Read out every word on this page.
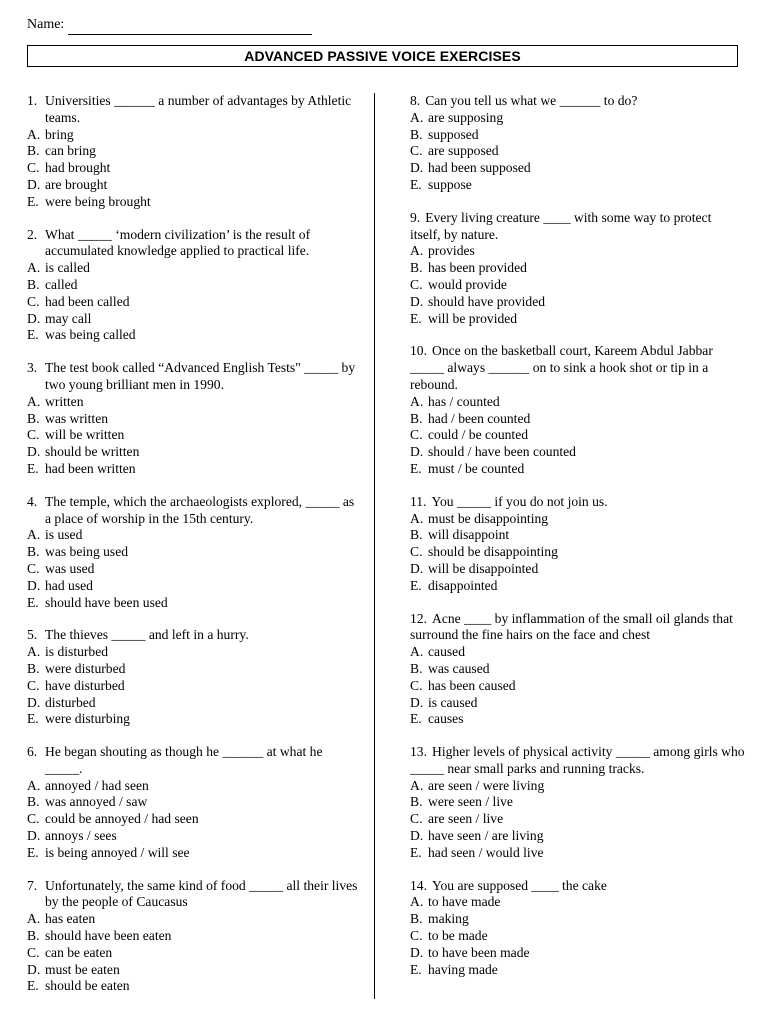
Name:
ADVANCED PASSIVE VOICE EXERCISES
1. Universities ______ a number of advantages by Athletic teams.
A. bring
B. can bring
C. had brought
D. are brought
E. were being brought
2. What _____ ‘modern civilization’ is the result of accumulated knowledge applied to practical life.
A. is called
B. called
C. had been called
D. may call
E. was being called
3. The test book called “Advanced English Tests" _____ by two young brilliant men in 1990.
A. written
B. was written
C. will be written
D. should be written
E. had been written
4. The temple, which the archaeologists explored, _____ as a place of worship in the 15th century.
A. is used
B. was being used
C. was used
D. had used
E. should have been used
5. The thieves _____ and left in a hurry.
A. is disturbed
B. were disturbed
C. have disturbed
D. disturbed
E. were disturbing
6. He began shouting as though he ______ at what he _____.
A. annoyed / had seen
B. was annoyed / saw
C. could be annoyed / had seen
D. annoys / sees
E. is being annoyed / will see
7. Unfortunately, the same kind of food _____ all their lives by the people of Caucasus
A. has eaten
B. should have been eaten
C. can be eaten
D. must be eaten
E. should be eaten
8. Can you tell us what we ______ to do?
A. are supposing
B. supposed
C. are supposed
D. had been supposed
E. suppose
9. Every living creature ____ with some way to protect itself, by nature.
A. provides
B. has been provided
C. would provide
D. should have provided
E. will be provided
10. Once on the basketball court, Kareem Abdul Jabbar _____ always ______ on to sink a hook shot or tip in a rebound.
A. has / counted
B. had / been counted
C. could / be counted
D. should / have been counted
E. must / be counted
11. You _____ if you do not join us.
A. must be disappointing
B. will disappoint
C. should be disappointing
D. will be disappointed
E. disappointed
12. Acne ____ by inflammation of the small oil glands that surround the fine hairs on the face and chest
A. caused
B. was caused
C. has been caused
D. is caused
E. causes
13. Higher levels of physical activity _____ among girls who _____ near small parks and running tracks.
A. are seen / were living
B. were seen / live
C. are seen / live
D. have seen / are living
E. had seen / would live
14. You are supposed ____ the cake
A. to have made
B. making
C. to be made
D. to have been made
E. having made
